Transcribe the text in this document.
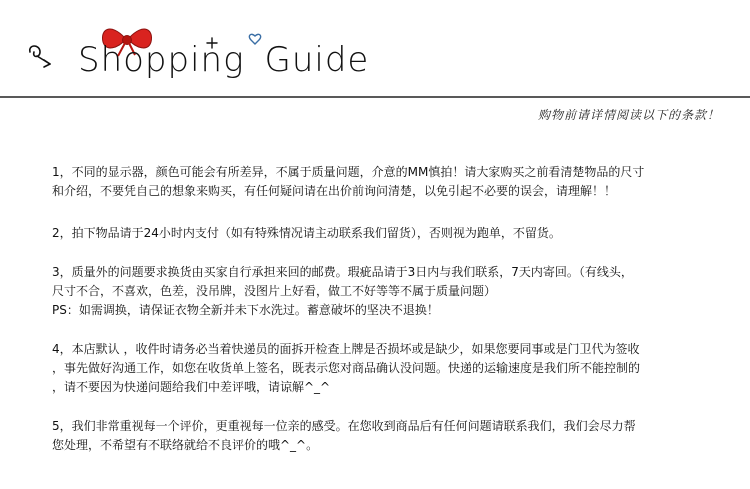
Shopping Guide
购物前请详情阅读以下的条款！

1，不同的显示器，颜色可能会有所差异，不属于质量问题，介意的MM慎拍！请大家购买之前看清楚物品的尺寸
和介绍，不要凭自己的想象来购买，有任何疑问请在出价前询问清楚，以免引起不必要的误会，请理解！！

2，拍下物品请于24小时内支付（如有特殊情况请主动联系我们留货），否则视为跑单，不留货。

3，质量外的问题要求换货由买家自行承担来回的邮费。瑕疵品请于3日内与我们联系，7天内寄回。（有线头，
尺寸不合，不喜欢，色差，没吊牌，没图片上好看，做工不好等等不属于质量问题）
PS：如需调换，请保证衣物全新并未下水洗过。蓄意破坏的坚决不退换！

4，本店默认 ，收件时请务必当着快递员的面拆开检查上牌是否损坏或是缺少，如果您要同事或是门卫代为签收
，事先做好沟通工作，如您在收货单上签名，既表示您对商品确认没问题。快递的运输速度是我们所不能控制的
，请不要因为快递问题给我们中差评哦，请谅解^_^

5，我们非常重视每一个评价，更重视每一位亲的感受。在您收到商品后有任何问题请联系我们，我们会尽力帮
您处理，不希望有不联络就给不良评价的哦^_^。
